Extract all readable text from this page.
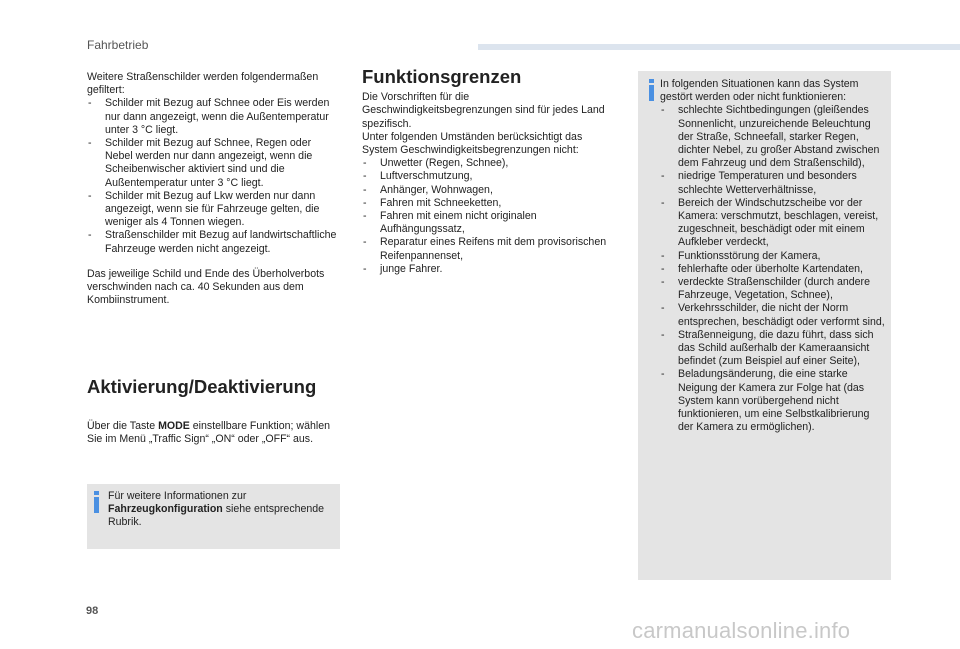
Fahrbetrieb

Weitere Straßenschilder werden folgendermaßen gefiltert:

- Schilder mit Bezug auf Schnee oder Eis werden nur dann angezeigt, wenn die Außentemperatur unter 3 °C liegt.
- Schilder mit Bezug auf Schnee, Regen oder Nebel werden nur dann angezeigt, wenn die Scheibenwischer aktiviert sind und die Außentemperatur unter 3 °C liegt.
- Schilder mit Bezug auf Lkw werden nur dann angezeigt, wenn sie für Fahrzeuge gelten, die weniger als 4 Tonnen wiegen.
- Straßenschilder mit Bezug auf landwirtschaftliche Fahrzeuge werden nicht angezeigt.

Das jeweilige Schild und Ende des Überholverbots verschwinden nach ca. 40 Sekunden aus dem Kombiinstrument.

Aktivierung/Deaktivierung

Über die Taste MODE einstellbare Funktion; wählen Sie im Menü „Traffic Sign“ „ON“ oder „OFF“ aus.

Für weitere Informationen zur Fahrzeugkonfiguration siehe entsprechende Rubrik.
Funktionsgrenzen

Die Vorschriften für die Geschwindigkeitsbegrenzungen sind für jedes Land spezifisch.

Unter folgenden Umständen berücksichtigt das System Geschwindigkeitsbegrenzungen nicht:

- Unwetter (Regen, Schnee),
- Luftverschmutzung,
- Anhänger, Wohnwagen,
- Fahren mit Schneeketten,
- Fahren mit einem nicht originalen Aufhängungssatz,
- Reparatur eines Reifens mit dem provisorischen Reifenpannenset,
- junge Fahrer.
In folgenden Situationen kann das System gestört werden oder nicht funktionieren:
- schlechte Sichtbedingungen (gleißendes Sonnenlicht, unzureichende Beleuchtung der Straße, Schneefall, starker Regen, dichter Nebel, zu großer Abstand zwischen dem Fahrzeug und dem Straßenschild),
- niedrige Temperaturen und besonders schlechte Wetterverhältnisse,
- Bereich der Windschutzscheibe vor der Kamera: verschmutzt, beschlagen, vereist, zugeschneit, beschädigt oder mit einem Aufkleber verdeckt,
- Funktionsstörung der Kamera,
- fehlerhafte oder überholte Kartendaten,
- verdeckte Straßenschilder (durch andere Fahrzeuge, Vegetation, Schnee),
- Verkehrsschilder, die nicht der Norm entsprechen, beschädigt oder verformt sind,
- Straßenneigung, die dazu führt, dass sich das Schild außerhalb der Kameraansicht befindet (zum Beispiel auf einer Seite),
- Beladungsänderung, die eine starke Neigung der Kamera zur Folge hat (das System kann vorübergehend nicht funktionieren, um eine Selbstkalibrierung der Kamera zu ermöglichen).
98
carmanualsonline.info
